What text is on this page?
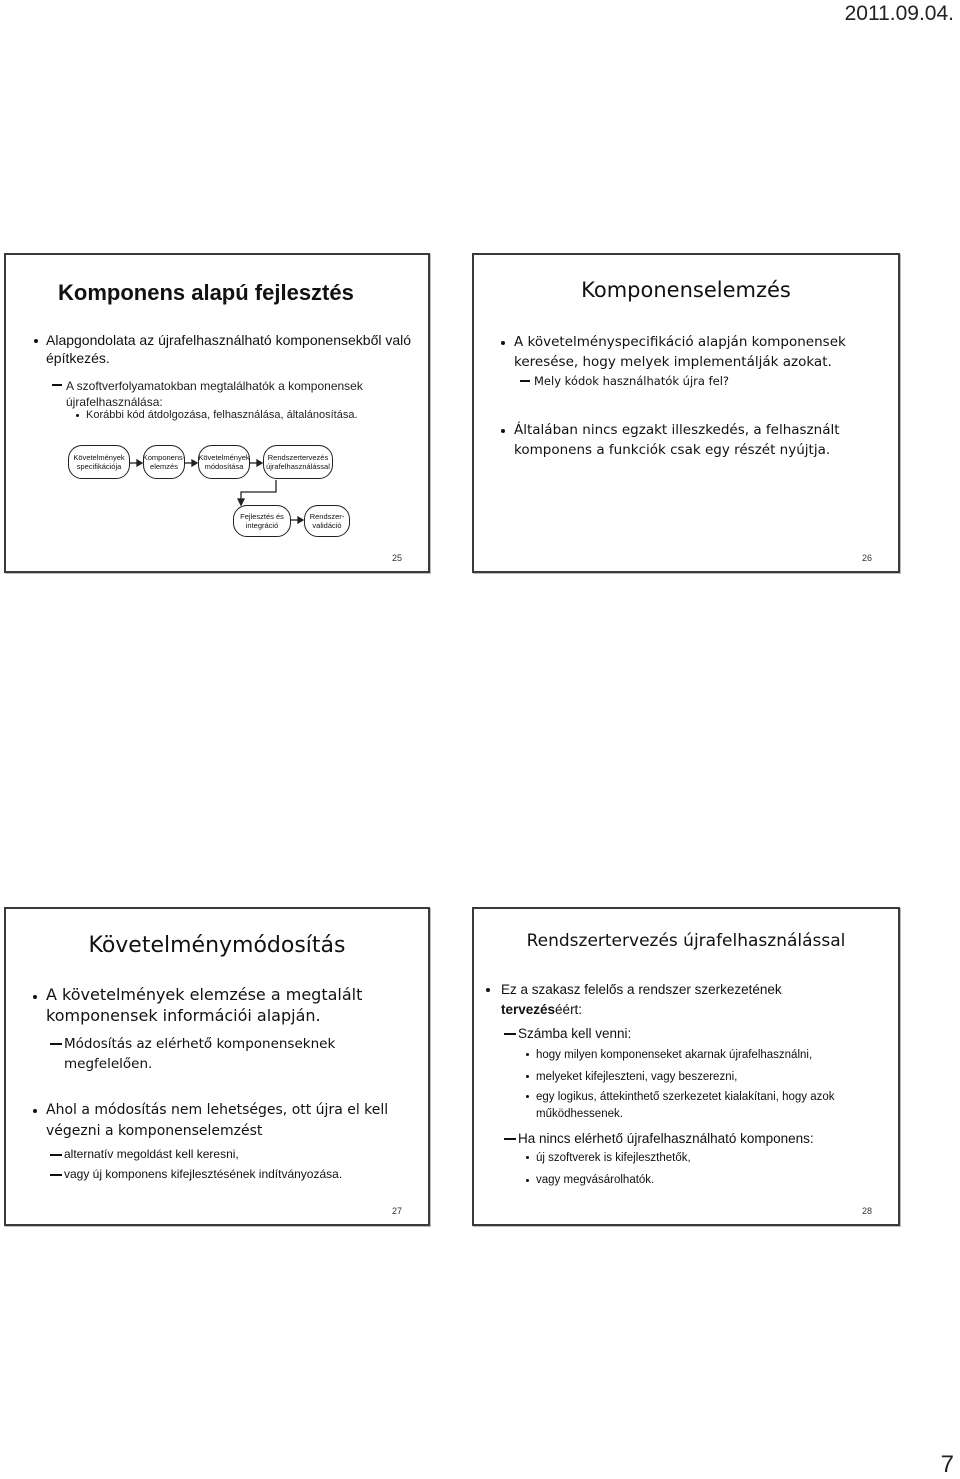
2011.09.04.
Komponens alapú fejlesztés
Alapgondolata az újrafelhasználható komponensekből való építkezés.
A szoftverfolyamatokban megtalálhatók a komponensek újrafelhasználása:
Korábbi kód átdolgozása, felhasználása, általánosítása.
Követelmények specifikációja
Komponens-elemzés
Követelmények módosítása
Rendszertervezés újrafelhasználással
Fejlesztés és integráció
Rendszer-validáció
25
Komponenselemzés
A követelményspecifikáció alapján komponensek keresése, hogy melyek implementálják azokat.
Mely kódok használhatók újra fel?
Általában nincs egzakt illeszkedés, a felhasznált komponens a funkciók csak egy részét nyújtja.
26
Követelménymódosítás
A követelmények elemzése a megtalált komponensek információi alapján.
Módosítás az elérhető komponenseknek megfelelően.
Ahol a módosítás nem lehetséges, ott újra el kell végezni a komponenselemzést
alternatív megoldást kell keresni,
vagy új komponens kifejlesztésének indítványozása.
27
Rendszertervezés újrafelhasználással
Ez a szakasz felelős a rendszer szerkezetének tervezéséért:
Számba kell venni:
hogy milyen komponenseket akarnak újrafelhasználni,
melyeket kifejleszteni, vagy beszerezni,
egy logikus, áttekinthető szerkezetet kialakítani, hogy azok működhessenek.
Ha nincs elérhető újrafelhasználható komponens:
új szoftverek is kifejleszthetők,
vagy megvásárolhatók.
28
7
